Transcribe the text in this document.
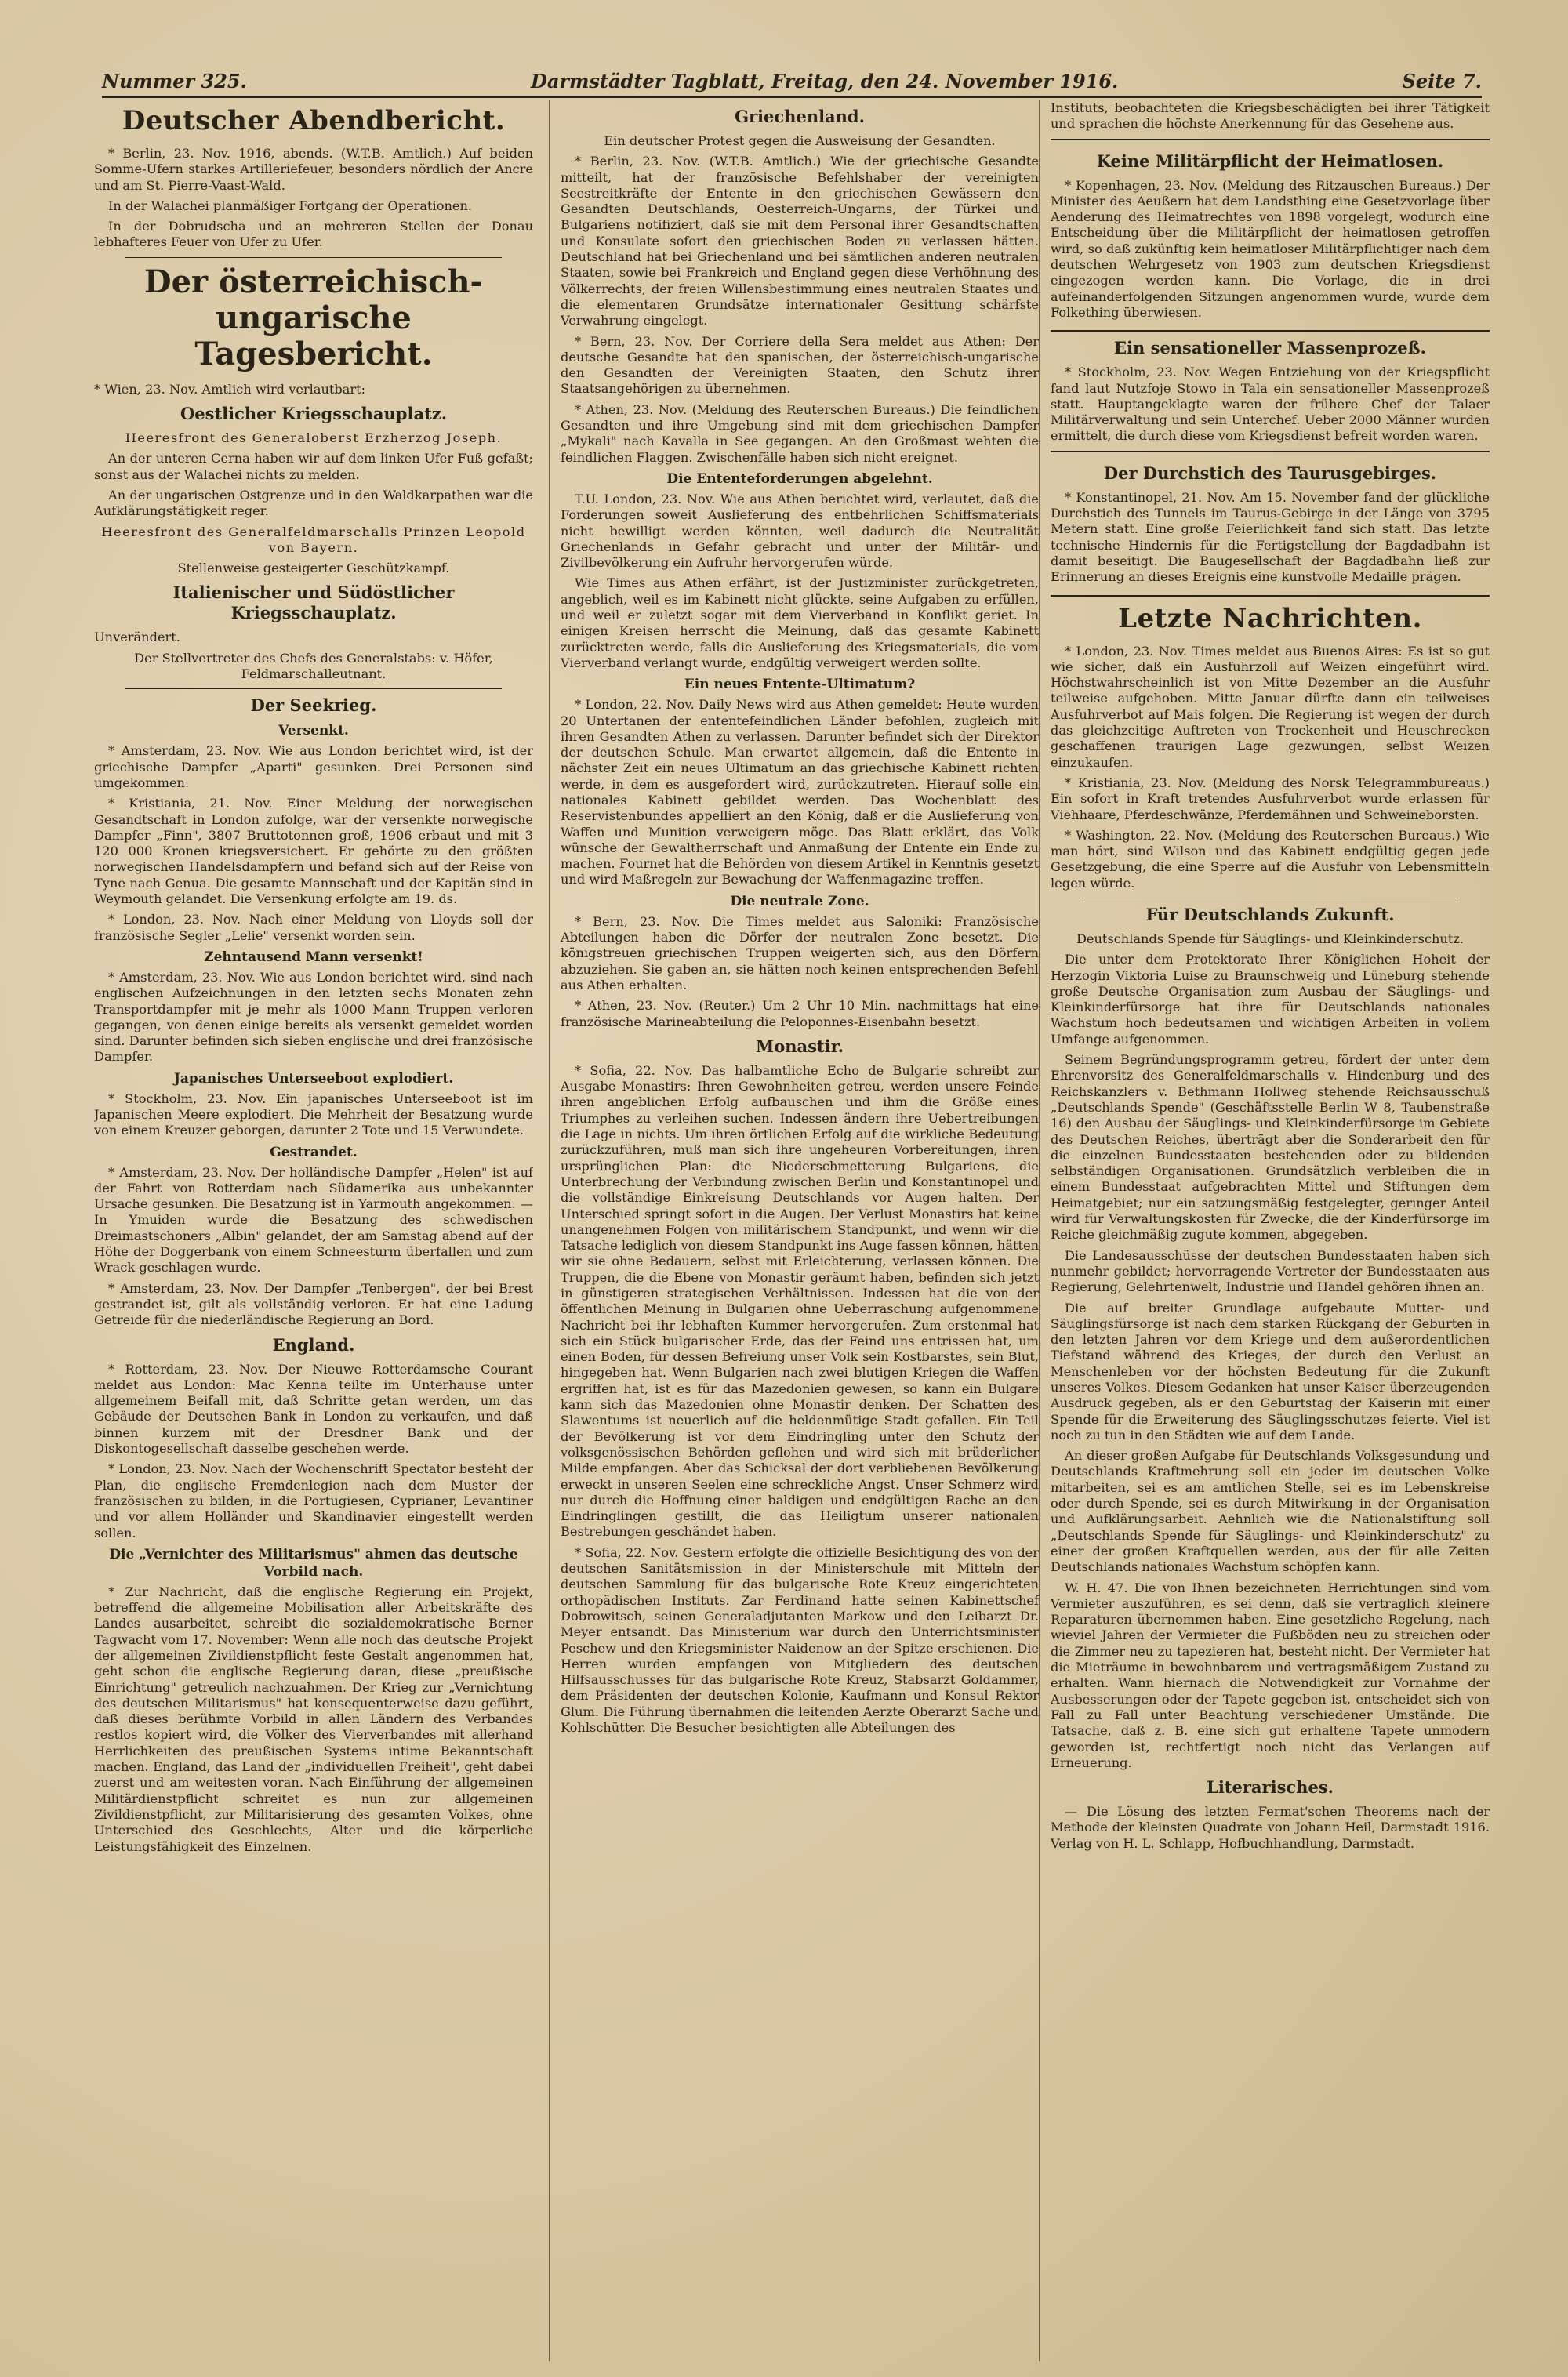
Nummer 325.	Darmstädter Tagblatt, Freitag, den 24. November 1916.	Seite 7.
Deutscher Abendbericht.

* Berlin, 23. Nov. 1916, abends. (W.T.B. Amtlich.) Auf beiden Somme-Ufern starkes Artilleriefeuer, besonders nördlich der Ancre und am St. Pierre-Vaast-Wald.

In der Walachei planmäßiger Fortgang der Operationen.

In der Dobrudscha und an mehreren Stellen der Donau lebhafteres Feuer von Ufer zu Ufer.

Der österreichisch-ungarische Tagesbericht.

* Wien, 23. Nov. Amtlich wird verlautbart:

Oestlicher Kriegsschauplatz.

Heeresfront des Generaloberst Erzherzog Joseph.

An der unteren Cerna haben wir auf dem linken Ufer Fuß gefaßt; sonst aus der Walachei nichts zu melden.

An der ungarischen Ostgrenze und in den Waldkarpathen war die Aufklärungstätigkeit reger.

Heeresfront des Generalfeldmarschalls Prinzen Leopold von Bayern.

Stellenweise gesteigerter Geschützkampf.

Italienischer und Südöstlicher Kriegsschauplatz.

Unverändert.

Der Stellvertreter des Chefs des Generalstabs: v. Höfer, Feldmarschalleutnant.

Der Seekrieg.
Versenkt.

* Amsterdam, 23. Nov. Wie aus London berichtet wird, ist der griechische Dampfer „Aparti" gesunken. Drei Personen sind umgekommen.

* Kristiania, 21. Nov. Einer Meldung der norwegischen Gesandtschaft in London zufolge, war der versenkte norwegische Dampfer „Finn", 3807 Bruttotonnen groß, 1906 erbaut und mit 3 120 000 Kronen kriegsversichert. Er gehörte zu den größten norwegischen Handelsdampfern und befand sich auf der Reise von Tyne nach Genua. Die gesamte Mannschaft und der Kapitän sind in Weymouth gelandet. Die Versenkung erfolgte am 19. ds.

* London, 23. Nov. Nach einer Meldung von Lloyds soll der französische Segler „Lelie" versenkt worden sein.

Zehntausend Mann versenkt!

* Amsterdam, 23. Nov. Wie aus London berichtet wird, sind nach englischen Aufzeichnungen in den letzten sechs Monaten zehn Transportdampfer mit je mehr als 1000 Mann Truppen verloren gegangen, von denen einige bereits als versenkt gemeldet worden sind. Darunter befinden sich sieben englische und drei französische Dampfer.

Japanisches Unterseeboot explodiert.

* Stockholm, 23. Nov. Ein japanisches Unterseeboot ist im Japanischen Meere explodiert. Die Mehrheit der Besatzung wurde von einem Kreuzer geborgen, darunter 2 Tote und 15 Verwundete.

Gestrandet.

* Amsterdam, 23. Nov. Der holländische Dampfer „Helen" ist auf der Fahrt von Rotterdam nach Südamerika aus unbekannter Ursache gesunken. Die Besatzung ist in Yarmouth angekommen. — In Ymuiden wurde die Besatzung des schwedischen Dreimastschoners „Albin" gelandet, der am Samstag abend auf der Höhe der Doggerbank von einem Schneesturm überfallen und zum Wrack geschlagen wurde.

* Amsterdam, 23. Nov. Der Dampfer „Tenbergen", der bei Brest gestrandet ist, gilt als vollständig verloren. Er hat eine Ladung Getreide für die niederländische Regierung an Bord.

England.

* Rotterdam, 23. Nov. Der Nieuwe Rotterdamsche Courant meldet aus London: Mac Kenna teilte im Unterhause unter allgemeinem Beifall mit, daß Schritte getan werden, um das Gebäude der Deutschen Bank in London zu verkaufen, und daß binnen kurzem mit der Dresdner Bank und der Diskontogesellschaft dasselbe geschehen werde.

* London, 23. Nov. Nach der Wochenschrift Spectator besteht der Plan, die englische Fremdenlegion nach dem Muster der französischen zu bilden, in die Portugiesen, Cyprianer, Levantiner und vor allem Holländer und Skandinavier eingestellt werden sollen.

Die „Vernichter des Militarismus" ahmen das deutsche Vorbild nach.

* Zur Nachricht, daß die englische Regierung ein Projekt, betreffend die allgemeine Mobilisation aller Arbeitskräfte des Landes ausarbeitet, schreibt die sozialdemokratische Berner Tagwacht vom 17. November: Wenn alle noch das deutsche Projekt der allgemeinen Zivildienstpflicht feste Gestalt angenommen hat, geht schon die englische Regierung daran, diese „preußische Einrichtung" getreulich nachzuahmen. Der Krieg zur „Vernichtung des deutschen Militarismus" hat konsequenterweise dazu geführt, daß dieses berühmte Vorbild in allen Ländern des Verbandes restlos kopiert wird, die Völker des Vierverbandes mit allerhand Herrlichkeiten des preußischen Systems intime Bekanntschaft machen. England, das Land der „individuellen Freiheit", geht dabei zuerst und am weitesten voran. Nach Einführung der allgemeinen Militärdienstpflicht schreitet es nun zur allgemeinen Zivildienstpflicht, zur Militarisierung des gesamten Volkes, ohne Unterschied des Geschlechts, Alter und die körperliche Leistungsfähigkeit des Einzelnen.

Griechenland.

Ein deutscher Protest gegen die Ausweisung der Gesandten.

* Berlin, 23. Nov. (W.T.B. Amtlich.) Wie der griechische Gesandte mitteilt, hat der französische Befehlshaber der vereinigten Seestreitkräfte der Entente in den griechischen Gewässern den Gesandten Deutschlands, Oesterreich-Ungarns, der Türkei und Bulgariens notifiziert, daß sie mit dem Personal ihrer Gesandtschaften und Konsulate sofort den griechischen Boden zu verlassen hätten. Deutschland hat bei Griechenland und bei sämtlichen anderen neutralen Staaten, sowie bei Frankreich und England gegen diese Verhöhnung des Völkerrechts, der freien Willensbestimmung eines neutralen Staates und die elementaren Grundsätze internationaler Gesittung schärfste Verwahrung eingelegt.

* Bern, 23. Nov. Der Corriere della Sera meldet aus Athen: Der deutsche Gesandte hat den spanischen, der österreichisch-ungarische den Gesandten der Vereinigten Staaten, den Schutz ihrer Staatsangehörigen zu übernehmen.

* Athen, 23. Nov. (Meldung des Reuterschen Bureaus.) Die feindlichen Gesandten und ihre Umgebung sind mit dem griechischen Dampfer „Mykali" nach Kavalla in See gegangen. An den Großmast wehten die feindlichen Flaggen. Zwischenfälle haben sich nicht ereignet.

Die Ententeforderungen abgelehnt.

T.U. London, 23. Nov. Wie aus Athen berichtet wird, verlautet, daß die Forderungen soweit Auslieferung des entbehrlichen Schiffsmaterials nicht bewilligt werden könnten, weil dadurch die Neutralität Griechenlands in Gefahr gebracht und unter der Militär- und Zivilbevölkerung ein Aufruhr hervorgerufen würde.

Wie Times aus Athen erfährt, ist der Justizminister zurückgetreten, angeblich, weil es im Kabinett nicht glückte, seine Aufgaben zu erfüllen, und weil er zuletzt sogar mit dem Vierverband in Konflikt geriet. In einigen Kreisen herrscht die Meinung, daß das gesamte Kabinett zurücktreten werde, falls die Auslieferung des Kriegsmaterials, die vom Vierverband verlangt wurde, endgültig verweigert werden sollte.

Ein neues Entente-Ultimatum?

* London, 22. Nov. Daily News wird aus Athen gemeldet: Heute wurden 20 Untertanen der ententefeindlichen Länder befohlen, zugleich mit ihren Gesandten Athen zu verlassen. Darunter befindet sich der Direktor der deutschen Schule. Man erwartet allgemein, daß die Entente in nächster Zeit ein neues Ultimatum an das griechische Kabinett richten werde, in dem es ausgefordert wird, zurückzutreten. Hierauf solle ein nationales Kabinett gebildet werden. Das Wochenblatt des Reservistenbundes appelliert an den König, daß er die Auslieferung von Waffen und Munition verweigern möge. Das Blatt erklärt, das Volk wünsche der Gewaltherrschaft und Anmaßung der Entente ein Ende zu machen. Fournet hat die Behörden von diesem Artikel in Kenntnis gesetzt und wird Maßregeln zur Bewachung der Waffenmagazine treffen.

Die neutrale Zone.

* Bern, 23. Nov. Die Times meldet aus Saloniki: Französische Abteilungen haben die Dörfer der neutralen Zone besetzt. Die königstreuen griechischen Truppen weigerten sich, aus den Dörfern abzuziehen. Sie gaben an, sie hätten noch keinen entsprechenden Befehl aus Athen erhalten.

* Athen, 23. Nov. (Reuter.) Um 2 Uhr 10 Min. nachmittags hat eine französische Marineabteilung die Peloponnes-Eisenbahn besetzt.

Monastir.

* Sofia, 22. Nov. Das halbamtliche Echo de Bulgarie schreibt zur Ausgabe Monastirs: Ihren Gewohnheiten getreu, werden unsere Feinde ihren angeblichen Erfolg aufbauschen und ihm die Größe eines Triumphes zu verleihen suchen. Indessen ändern ihre Uebertreibungen die Lage in nichts. Um ihren örtlichen Erfolg auf die wirkliche Bedeutung zurückzuführen, muß man sich ihre ungeheuren Vorbereitungen, ihren ursprünglichen Plan: die Niederschmetterung Bulgariens, die Unterbrechung der Verbindung zwischen Berlin und Konstantinopel und die vollständige Einkreisung Deutschlands vor Augen halten. Der Unterschied springt sofort in die Augen. Der Verlust Monastirs hat keine unangenehmen Folgen von militärischem Standpunkt, und wenn wir die Tatsache lediglich von diesem Standpunkt ins Auge fassen können, hätten wir sie ohne Bedauern, selbst mit Erleichterung, verlassen können. Die Truppen, die die Ebene von Monastir geräumt haben, befinden sich jetzt in günstigeren strategischen Verhältnissen. Indessen hat die von der öffentlichen Meinung in Bulgarien ohne Ueberraschung aufgenommene Nachricht bei ihr lebhaften Kummer hervorgerufen. Zum erstenmal hat sich ein Stück bulgarischer Erde, das der Feind uns entrissen hat, um einen Boden, für dessen Befreiung unser Volk sein Kostbarstes, sein Blut, hingegeben hat. Wenn Bulgarien nach zwei blutigen Kriegen die Waffen ergriffen hat, ist es für das Mazedonien gewesen, so kann ein Bulgare kann sich das Mazedonien ohne Monastir denken. Der Schatten des Slawentums ist neuerlich auf die heldenmütige Stadt gefallen. Ein Teil der Bevölkerung ist vor dem Eindringling unter den Schutz der volksgenössischen Behörden geflohen und wird sich mit brüderlicher Milde empfangen. Aber das Schicksal der dort verbliebenen Bevölkerung erweckt in unseren Seelen eine schreckliche Angst. Unser Schmerz wird nur durch die Hoffnung einer baldigen und endgültigen Rache an den Eindringlingen gestillt, die das Heiligtum unserer nationalen Bestrebungen geschändet haben.

* Sofia, 22. Nov. Gestern erfolgte die offizielle Besichtigung des von der deutschen Sanitätsmission in der Ministerschule mit Mitteln der deutschen Sammlung für das bulgarische Rote Kreuz eingerichteten orthopädischen Instituts. Zar Ferdinand hatte seinen Kabinettschef Dobrowitsch, seinen Generaladjutanten Markow und den Leibarzt Dr. Meyer entsandt. Das Ministerium war durch den Unterrichtsminister Peschew und den Kriegsminister Naidenow an der Spitze erschienen. Die Herren wurden empfangen von Mitgliedern des deutschen Hilfsausschusses für das bulgarische Rote Kreuz, Stabsarzt Goldammer, dem Präsidenten der deutschen Kolonie, Kaufmann und Konsul Rektor Glum. Die Führung übernahmen die leitenden Aerzte Oberarzt Sache und Kohlschütter. Die Besucher besichtigten alle Abteilungen des

Instituts, beobachteten die Kriegsbeschädigten bei ihrer Tätigkeit und sprachen die höchste Anerkennung für das Gesehene aus.

Keine Militärpflicht der Heimatlosen.

* Kopenhagen, 23. Nov. (Meldung des Ritzauschen Bureaus.) Der Minister des Aeußern hat dem Landsthing eine Gesetzvorlage über Aenderung des Heimatrechtes von 1898 vorgelegt, wodurch eine Entscheidung über die Militärpflicht der heimatlosen getroffen wird, so daß zukünftig kein heimatloser Militärpflichtiger nach dem deutschen Wehrgesetz von 1903 zum deutschen Kriegsdienst eingezogen werden kann. Die Vorlage, die in drei aufeinanderfolgenden Sitzungen angenommen wurde, wurde dem Folkething überwiesen.

Ein sensationeller Massenprozeß.

* Stockholm, 23. Nov. Wegen Entziehung von der Kriegspflicht fand laut Nutzfoje Stowo in Tala ein sensationeller Massenprozeß statt. Hauptangeklagte waren der frühere Chef der Talaer Militärverwaltung und sein Unterchef. Ueber 2000 Männer wurden ermittelt, die durch diese vom Kriegsdienst befreit worden waren.

Der Durchstich des Taurusgebirges.

* Konstantinopel, 21. Nov. Am 15. November fand der glückliche Durchstich des Tunnels im Taurus-Gebirge in der Länge von 3795 Metern statt. Eine große Feierlichkeit fand sich statt. Das letzte technische Hindernis für die Fertigstellung der Bagdadbahn ist damit beseitigt. Die Baugesellschaft der Bagdadbahn ließ zur Erinnerung an dieses Ereignis eine kunstvolle Medaille prägen.

Letzte Nachrichten.

* London, 23. Nov. Times meldet aus Buenos Aires: Es ist so gut wie sicher, daß ein Ausfuhrzoll auf Weizen eingeführt wird. Höchstwahrscheinlich ist von Mitte Dezember an die Ausfuhr teilweise aufgehoben. Mitte Januar dürfte dann ein teilweises Ausfuhrverbot auf Mais folgen. Die Regierung ist wegen der durch das gleichzeitige Auftreten von Trockenheit und Heuschrecken geschaffenen traurigen Lage gezwungen, selbst Weizen einzukaufen.

* Kristiania, 23. Nov. (Meldung des Norsk Telegrammbureaus.) Ein sofort in Kraft tretendes Ausfuhrverbot wurde erlassen für Viehhaare, Pferdeschwänze, Pferdemähnen und Schweineborsten.

* Washington, 22. Nov. (Meldung des Reuterschen Bureaus.) Wie man hört, sind Wilson und das Kabinett endgültig gegen jede Gesetzgebung, die eine Sperre auf die Ausfuhr von Lebensmitteln legen würde.

Für Deutschlands Zukunft.

Deutschlands Spende für Säuglings- und Kleinkinderschutz.

Die unter dem Protektorate Ihrer Königlichen Hoheit der Herzogin Viktoria Luise zu Braunschweig und Lüneburg stehende große Deutsche Organisation zum Ausbau der Säuglings- und Kleinkinderfürsorge hat ihre für Deutschlands nationales Wachstum hoch bedeutsamen und wichtigen Arbeiten in vollem Umfange aufgenommen.

Seinem Begründungsprogramm getreu, fördert der unter dem Ehrenvorsitz des Generalfeldmarschalls v. Hindenburg und des Reichskanzlers v. Bethmann Hollweg stehende Reichsausschuß „Deutschlands Spende" (Geschäftsstelle Berlin W 8, Taubenstraße 16) den Ausbau der Säuglings- und Kleinkinderfürsorge im Gebiete des Deutschen Reiches, überträgt aber die Sonderarbeit den für die einzelnen Bundesstaaten bestehenden oder zu bildenden selbständigen Organisationen. Grundsätzlich verbleiben die in einem Bundesstaat aufgebrachten Mittel und Stiftungen dem Heimatgebiet; nur ein satzungsmäßig festgelegter, geringer Anteil wird für Verwaltungskosten für Zwecke, die der Kinderfürsorge im Reiche gleichmäßig zugute kommen, abgegeben.

Die Landesausschüsse der deutschen Bundesstaaten haben sich nunmehr gebildet; hervorragende Vertreter der Bundesstaaten aus Regierung, Gelehrtenwelt, Industrie und Handel gehören ihnen an.

Die auf breiter Grundlage aufgebaute Mutter- und Säuglingsfürsorge ist nach dem starken Rückgang der Geburten in den letzten Jahren vor dem Kriege und dem außerordentlichen Tiefstand während des Krieges, der durch den Verlust an Menschenleben vor der höchsten Bedeutung für die Zukunft unseres Volkes. Diesem Gedanken hat unser Kaiser überzeugenden Ausdruck gegeben, als er den Geburtstag der Kaiserin mit einer Spende für die Erweiterung des Säuglingsschutzes feierte. Viel ist noch zu tun in den Städten wie auf dem Lande.

An dieser großen Aufgabe für Deutschlands Volksgesundung und Deutschlands Kraftmehrung soll ein jeder im deutschen Volke mitarbeiten, sei es am amtlichen Stelle, sei es im Lebenskreise oder durch Spende, sei es durch Mitwirkung in der Organisation und Aufklärungsarbeit. Aehnlich wie die Nationalstiftung soll „Deutschlands Spende für Säuglings- und Kleinkinderschutz" zu einer der großen Kraftquellen werden, aus der für alle Zeiten Deutschlands nationales Wachstum schöpfen kann.

W. H. 47. Die von Ihnen bezeichneten Herrichtungen sind vom Vermieter auszuführen, es sei denn, daß sie vertraglich kleinere Reparaturen übernommen haben. Eine gesetzliche Regelung, nach wieviel Jahren der Vermieter die Fußböden neu zu streichen oder die Zimmer neu zu tapezieren hat, besteht nicht. Der Vermieter hat die Mieträume in bewohnbarem und vertragsmäßigem Zustand zu erhalten. Wann hiernach die Notwendigkeit zur Vornahme der Ausbesserungen oder der Tapete gegeben ist, entscheidet sich von Fall zu Fall unter Beachtung verschiedener Umstände. Die Tatsache, daß z. B. eine sich gut erhaltene Tapete unmodern geworden ist, rechtfertigt noch nicht das Verlangen auf Erneuerung.

Literarisches.

— Die Lösung des letzten Fermat'schen Theorems nach der Methode der kleinsten Quadrate von Johann Heil, Darmstadt 1916. Verlag von H. L. Schlapp, Hofbuchhandlung, Darmstadt.
